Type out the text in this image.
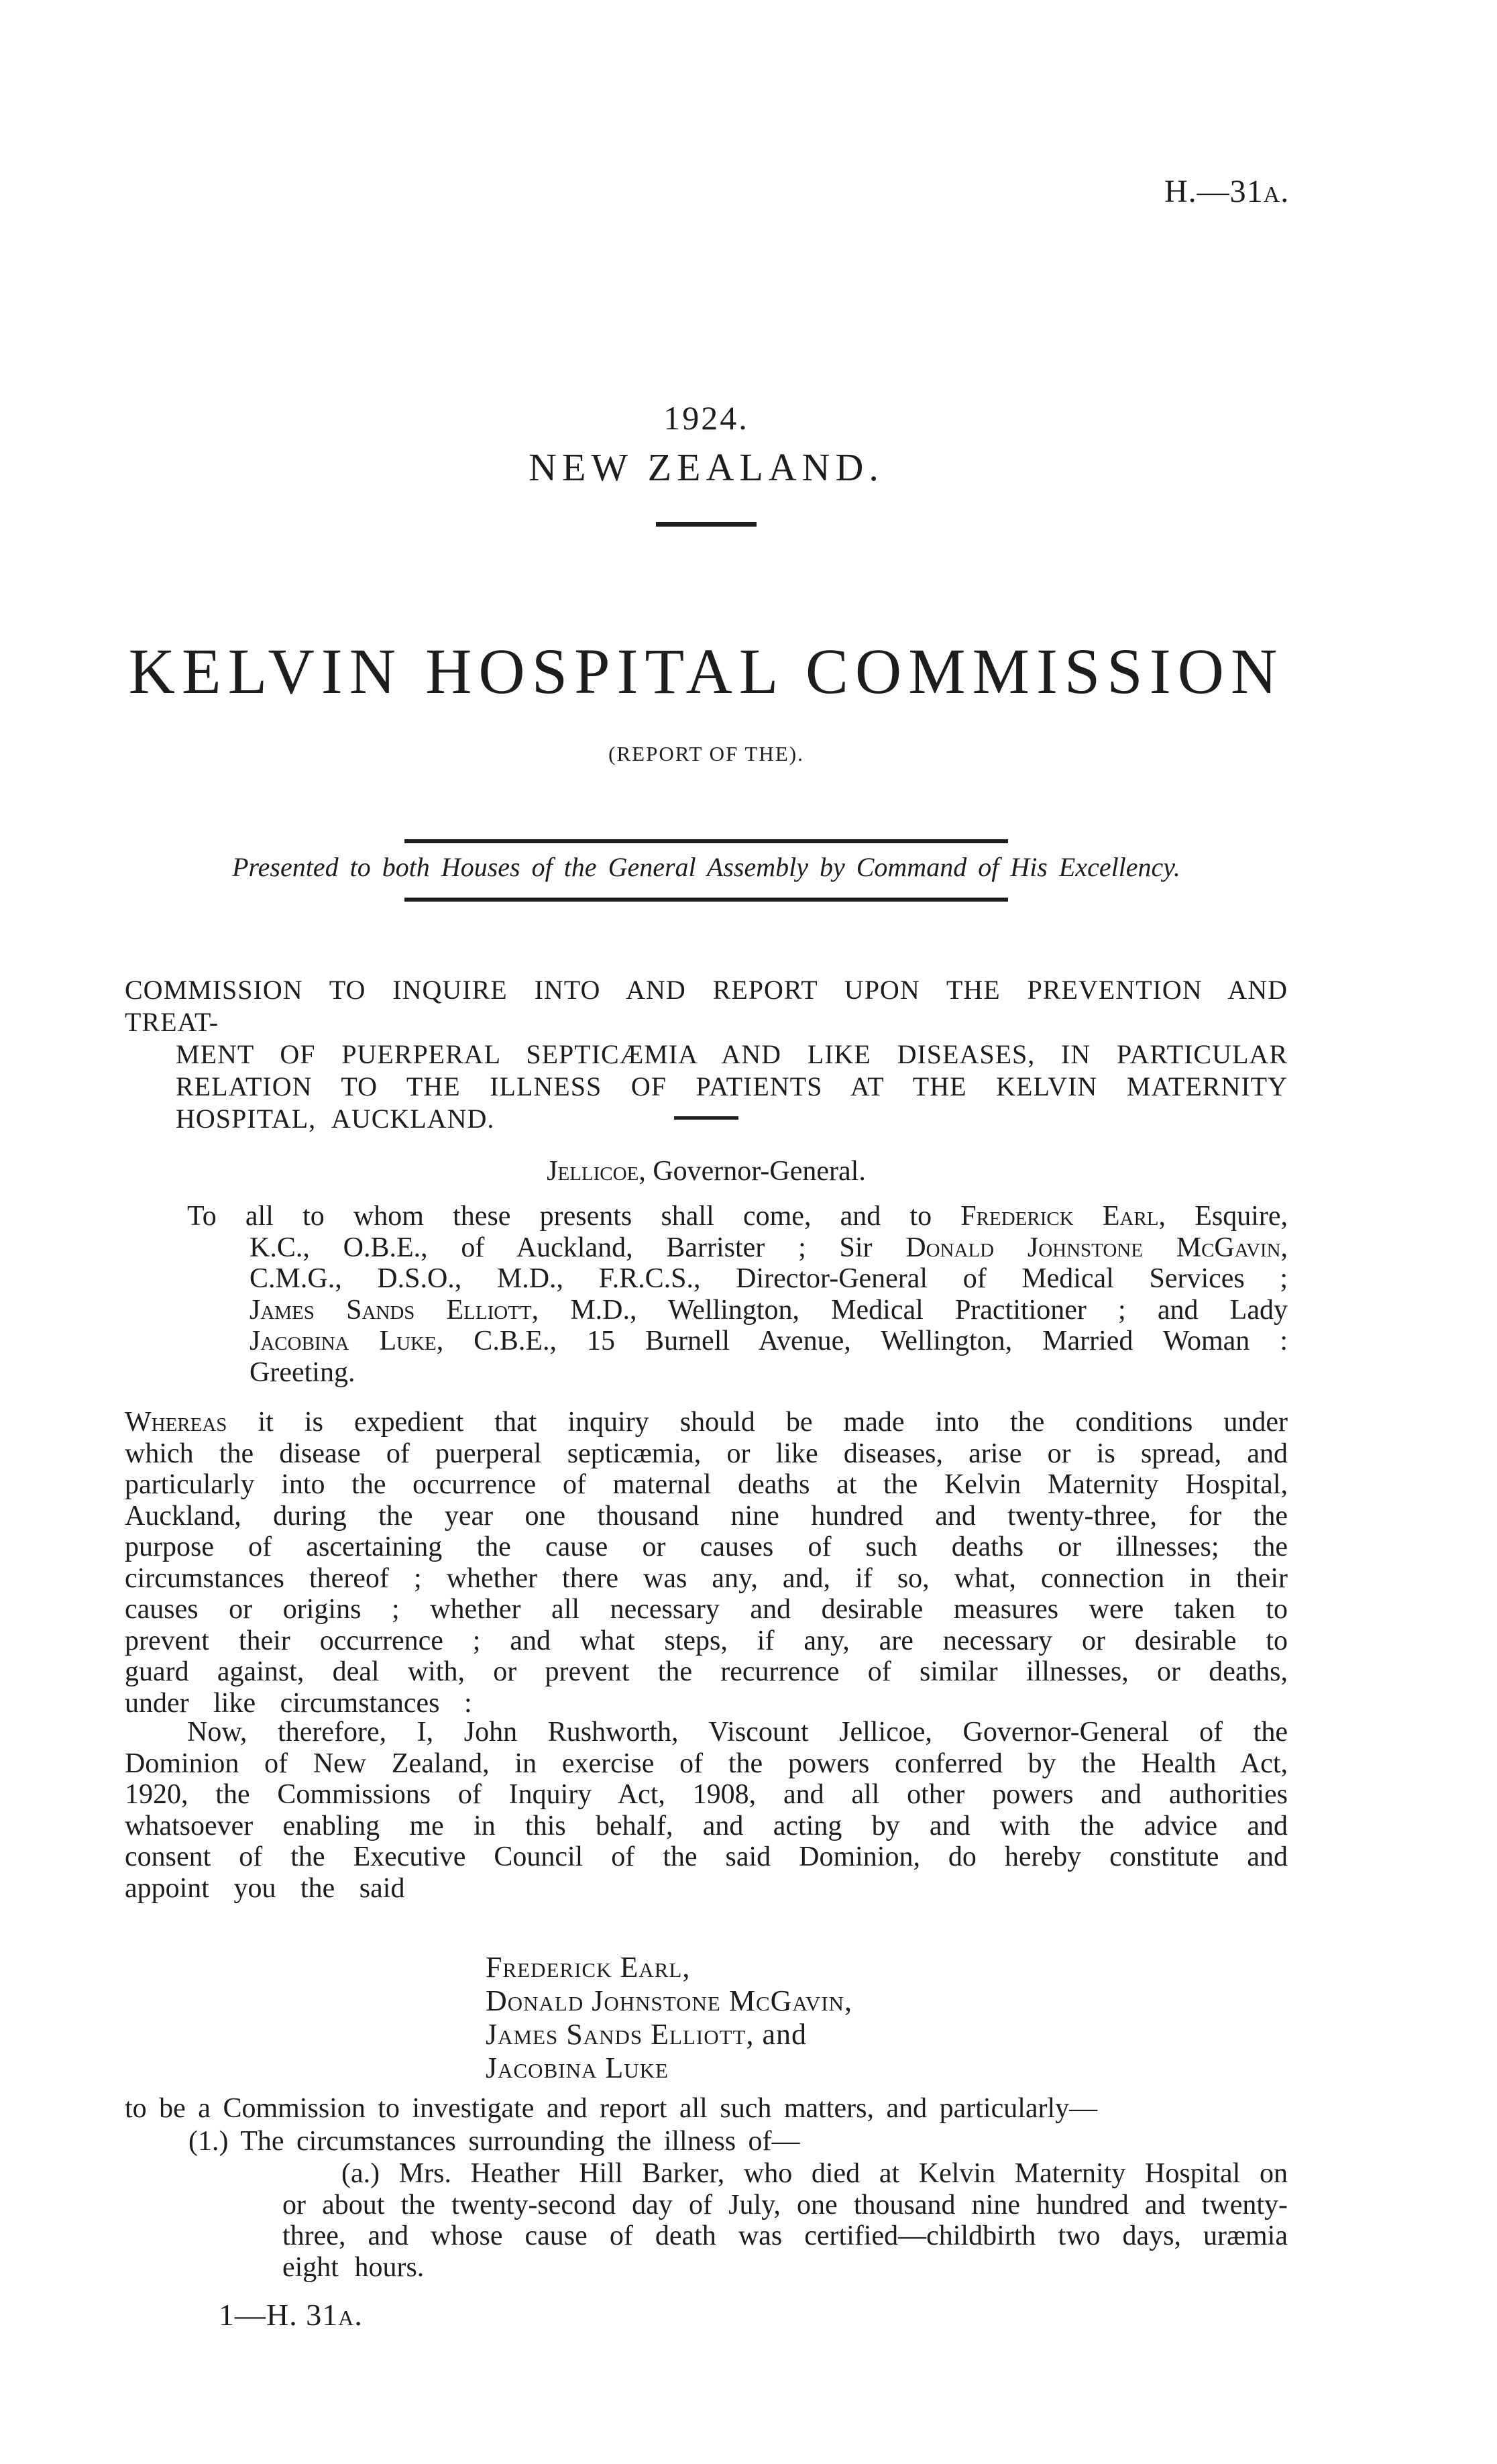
H.—31a.
1924.
NEW ZEALAND.
KELVIN HOSPITAL COMMISSION
(REPORT OF THE).
Presented to both Houses of the General Assembly by Command of His Excellency.
COMMISSION TO INQUIRE INTO AND REPORT UPON THE PREVENTION AND TREAT-
MENT OF PUERPERAL SEPTICÆMIA AND LIKE DISEASES, IN PARTICULAR
RELATION TO THE ILLNESS OF PATIENTS AT THE KELVIN MATERNITY
HOSPITAL, AUCKLAND.
Jellicoe, Governor-General.

To all to whom these presents shall come, and to Frederick Earl, Esquire, K.C., O.B.E., of Auckland, Barrister ; Sir Donald Johnstone McGavin, C.M.G., D.S.O., M.D., F.R.C.S., Director-General of Medical Services ; James Sands Elliott, M.D., Wellington, Medical Practitioner ; and Lady Jacobina Luke, C.B.E., 15 Burnell Avenue, Wellington, Married Woman : Greeting.

Whereas it is expedient that inquiry should be made into the conditions under which the disease of puerperal septicæmia, or like diseases, arise or is spread, and particularly into the occurrence of maternal deaths at the Kelvin Maternity Hospital, Auckland, during the year one thousand nine hundred and twenty-three, for the purpose of ascertaining the cause or causes of such deaths or illnesses; the circumstances thereof ; whether there was any, and, if so, what, connection in their causes or origins ; whether all necessary and desirable measures were taken to prevent their occurrence ; and what steps, if any, are necessary or desirable to guard against, deal with, or prevent the recurrence of similar illnesses, or deaths, under like circumstances :

Now, therefore, I, John Rushworth, Viscount Jellicoe, Governor-General of the Dominion of New Zealand, in exercise of the powers conferred by the Health Act, 1920, the Commissions of Inquiry Act, 1908, and all other powers and authorities whatsoever enabling me in this behalf, and acting by and with the advice and consent of the Executive Council of the said Dominion, do hereby constitute and appoint you the said

Frederick Earl,
Donald Johnstone McGavin,
James Sands Elliott, and
Jacobina Luke

to be a Commission to investigate and report all such matters, and particularly—

(1.) The circumstances surrounding the illness of—

(a.) Mrs. Heather Hill Barker, who died at Kelvin Maternity Hospital on or about the twenty-second day of July, one thousand nine hundred and twenty-three, and whose cause of death was certified—childbirth two days, uræmia eight hours.

1—H. 31a.
